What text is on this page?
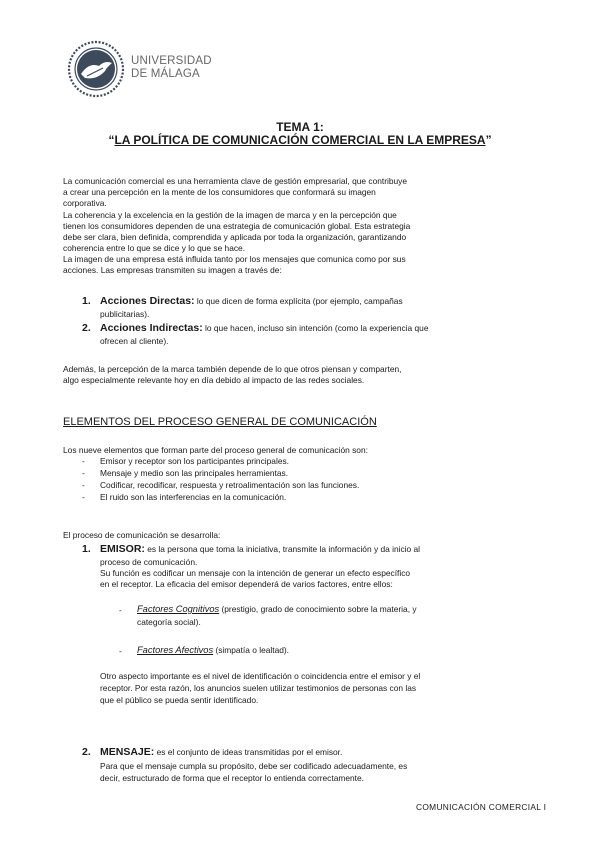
UNIVERSIDAD
DE MÁLAGA
TEMA 1:
“LA POLÍTICA DE COMUNICACIÓN COMERCIAL EN LA EMPRESA”
La comunicación comercial es una herramienta clave de gestión empresarial, que contribuye
a crear una percepción en la mente de los consumidores que conformará su imagen
corporativa.
La coherencia y la excelencia en la gestión de la imagen de marca y en la percepción que
tienen los consumidores dependen de una estrategia de comunicación global. Esta estrategia
debe ser clara, bien definida, comprendida y aplicada por toda la organización, garantizando
coherencia entre lo que se dice y lo que se hace.
La imagen de una empresa está influida tanto por los mensajes que comunica como por sus
acciones. Las empresas transmiten su imagen a través de:
1. Acciones Directas: lo que dicen de forma explícita (por ejemplo, campañas
publicitarias).
2. Acciones Indirectas: lo que hacen, incluso sin intención (como la experiencia que
ofrecen al cliente).
Además, la percepción de la marca también depende de lo que otros piensan y comparten,
algo especialmente relevante hoy en día debido al impacto de las redes sociales.
ELEMENTOS DEL PROCESO GENERAL DE COMUNICACIÓN
Los nueve elementos que forman parte del proceso general de comunicación son:
- Emisor y receptor son los participantes principales.
- Mensaje y medio son las principales herramientas.
- Codificar, recodificar, respuesta y retroalimentación son las funciones.
- El ruido son las interferencias en la comunicación.
El proceso de comunicación se desarrolla:
1. EMISOR: es la persona que toma la iniciativa, transmite la información y da inicio al
proceso de comunicación.
Su función es codificar un mensaje con la intención de generar un efecto específico
en el receptor. La eficacia del emisor dependerá de varios factores, entre ellos:
- Factores Cognitivos (prestigio, grado de conocimiento sobre la materia, y
categoría social).
- Factores Afectivos (simpatía o lealtad).
Otro aspecto importante es el nivel de identificación o coincidencia entre el emisor y el
receptor. Por esta razón, los anuncios suelen utilizar testimonios de personas con las
que el público se pueda sentir identificado.
2. MENSAJE: es el conjunto de ideas transmitidas por el emisor.
Para que el mensaje cumpla su propósito, debe ser codificado adecuadamente, es
decir, estructurado de forma que el receptor lo entienda correctamente.
COMUNICACIÓN COMERCIAL I
